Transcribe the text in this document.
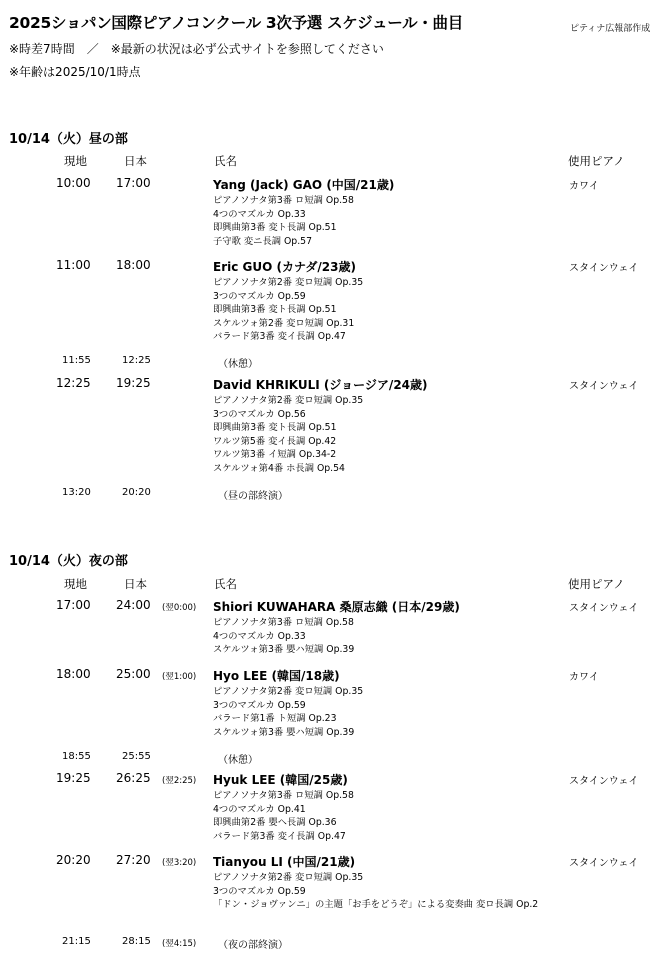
2025ショパン国際ピアノコンクール 3次予選 スケジュール・曲目	ピティナ広報部作成
※時差7時間　／　※最新の状況は必ず公式サイトを参照してください
※年齢は2025/10/1時点
10/14（火）昼の部
現地	日本	氏名	使用ピアノ
10:00 17:00	Yang (Jack) GAO (中国/21歳)	カワイ
ピアノソナタ第3番 ロ短調 Op.58
4つのマズルカ Op.33
即興曲第3番 変ト長調 Op.51
子守歌 変ニ長調 Op.57
11:00 18:00	Eric GUO (カナダ/23歳)	スタインウェイ
ピアノソナタ第2番 変ロ短調 Op.35
3つのマズルカ Op.59
即興曲第3番 変ト長調 Op.51
スケルツォ第2番 変ロ短調 Op.31
バラード第3番 変イ長調 Op.47
11:55	12:25	（休憩）
12:25 19:25	David KHRIKULI (ジョージア/24歳)	スタインウェイ
ピアノソナタ第2番 変ロ短調 Op.35
3つのマズルカ Op.56
即興曲第3番 変ト長調 Op.51
ワルツ第5番 変イ長調 Op.42
ワルツ第3番 イ短調 Op.34-2
スケルツォ第4番 ホ長調 Op.54
13:20	20:20	（昼の部終演）
10/14（火）夜の部
現地	日本	氏名	使用ピアノ
17:00 24:00 (翌0:00) Shiori KUWAHARA 桑原志織 (日本/29歳)	スタインウェイ
ピアノソナタ第3番 ロ短調 Op.58
4つのマズルカ Op.33
スケルツォ第3番 嬰ハ短調 Op.39
18:00 25:00 (翌1:00) Hyo LEE (韓国/18歳)	カワイ
ピアノソナタ第2番 変ロ短調 Op.35
3つのマズルカ Op.59
バラード第1番 ト短調 Op.23
スケルツォ第3番 嬰ハ短調 Op.39
18:55	25:55	（休憩）
19:25 26:25 (翌2:25) Hyuk LEE (韓国/25歳)	スタインウェイ
ピアノソナタ第3番 ロ短調 Op.58
4つのマズルカ Op.41
即興曲第2番 嬰ヘ長調 Op.36
バラード第3番 変イ長調 Op.47
20:20 27:20 (翌3:20) Tianyou LI (中国/21歳)	スタインウェイ
ピアノソナタ第2番 変ロ短調 Op.35
3つのマズルカ Op.59
「ドン・ジョヴァンニ」の主題「お手をどうぞ」による変奏曲 変ロ長調 Op.2
21:15	28:15 (翌4:15) （夜の部終演）
